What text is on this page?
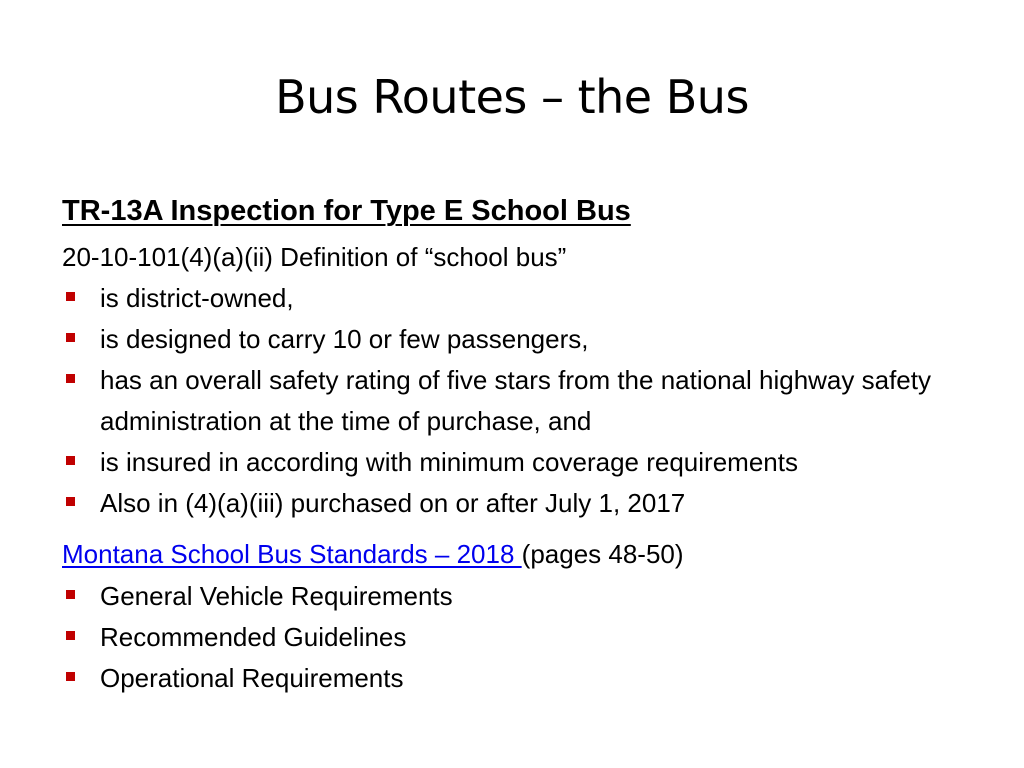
Bus Routes – the Bus
TR-13A Inspection for Type E School Bus
20-10-101(4)(a)(ii) Definition of “school bus”
is district-owned,
is designed to carry 10 or few passengers,
has an overall safety rating of five stars from the national highway safety administration at the time of purchase, and
is insured in according with minimum coverage requirements
Also in (4)(a)(iii) purchased on or after July 1, 2017
Montana School Bus Standards – 2018 (pages 48-50)
General Vehicle Requirements
Recommended Guidelines
Operational Requirements
